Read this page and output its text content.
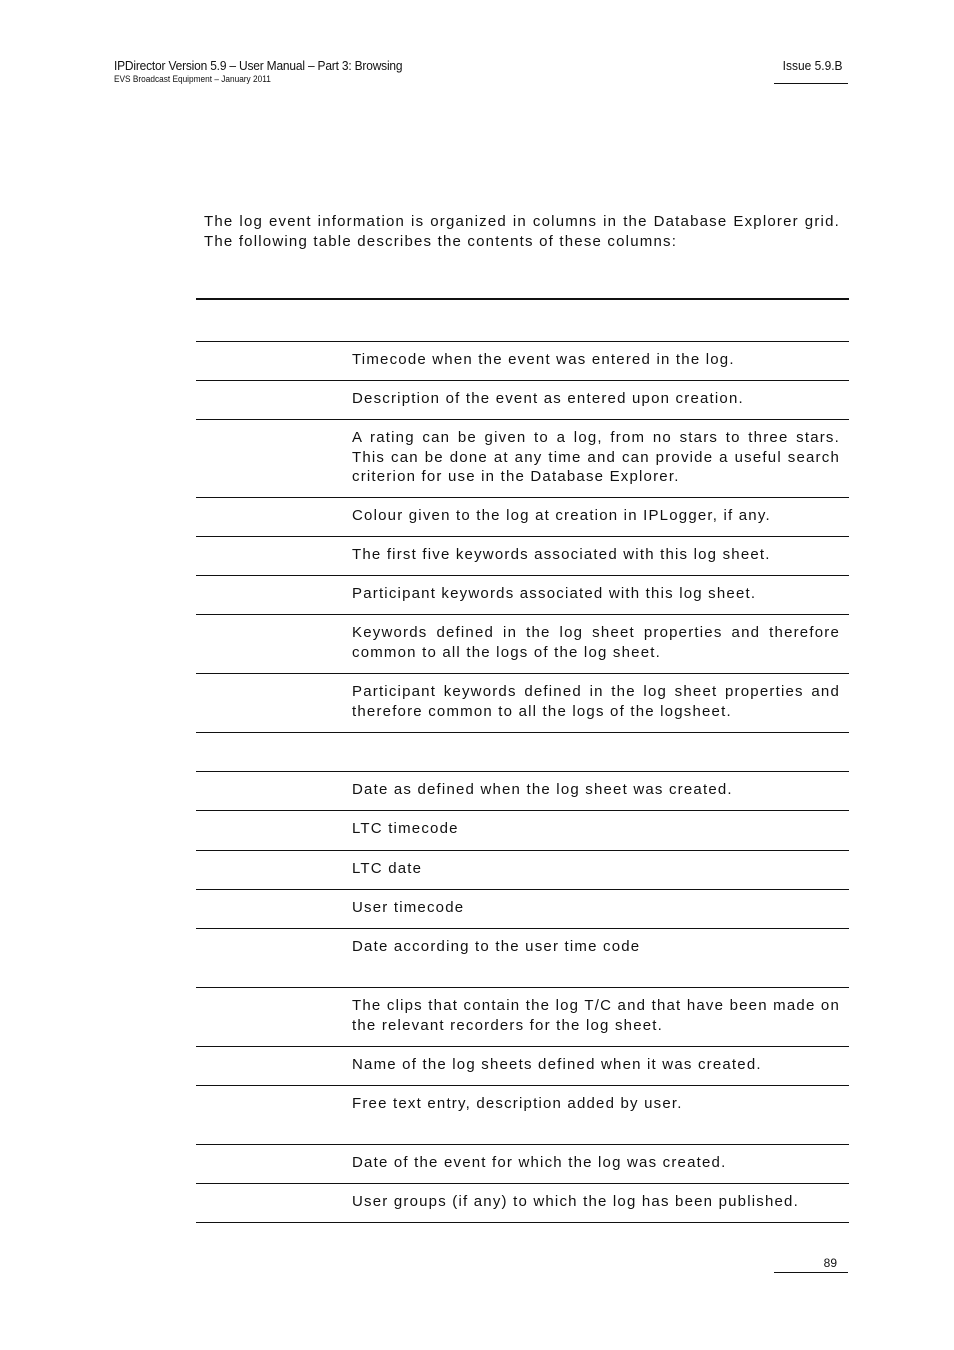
IPDirector Version 5.9 – User Manual – Part 3: Browsing
EVS Broadcast Equipment – January 2011
Issue 5.9.B

The log event information is organized in columns in the Database Explorer grid. The following table describes the contents of these columns:

Timecode when the event was entered in the log.
Description of the event as entered upon creation.
A rating can be given to a log, from no stars to three stars. This can be done at any time and can provide a useful search criterion for use in the Database Explorer.
Colour given to the log at creation in IPLogger, if any.
The first five keywords associated with this log sheet.
Participant keywords associated with this log sheet.
Keywords defined in the log sheet properties and therefore common to all the logs of the log sheet.
Participant keywords defined in the log sheet properties and therefore common to all the logs of the logsheet.
Date as defined when the log sheet was created.
LTC timecode
LTC date
User timecode
Date according to the user time code
The clips that contain the log T/C and that have been made on the relevant recorders for the log sheet.
Name of the log sheets defined when it was created.
Free text entry, description added by user.
Date of the event for which the log was created.
User groups (if any) to which the log has been published.
89
